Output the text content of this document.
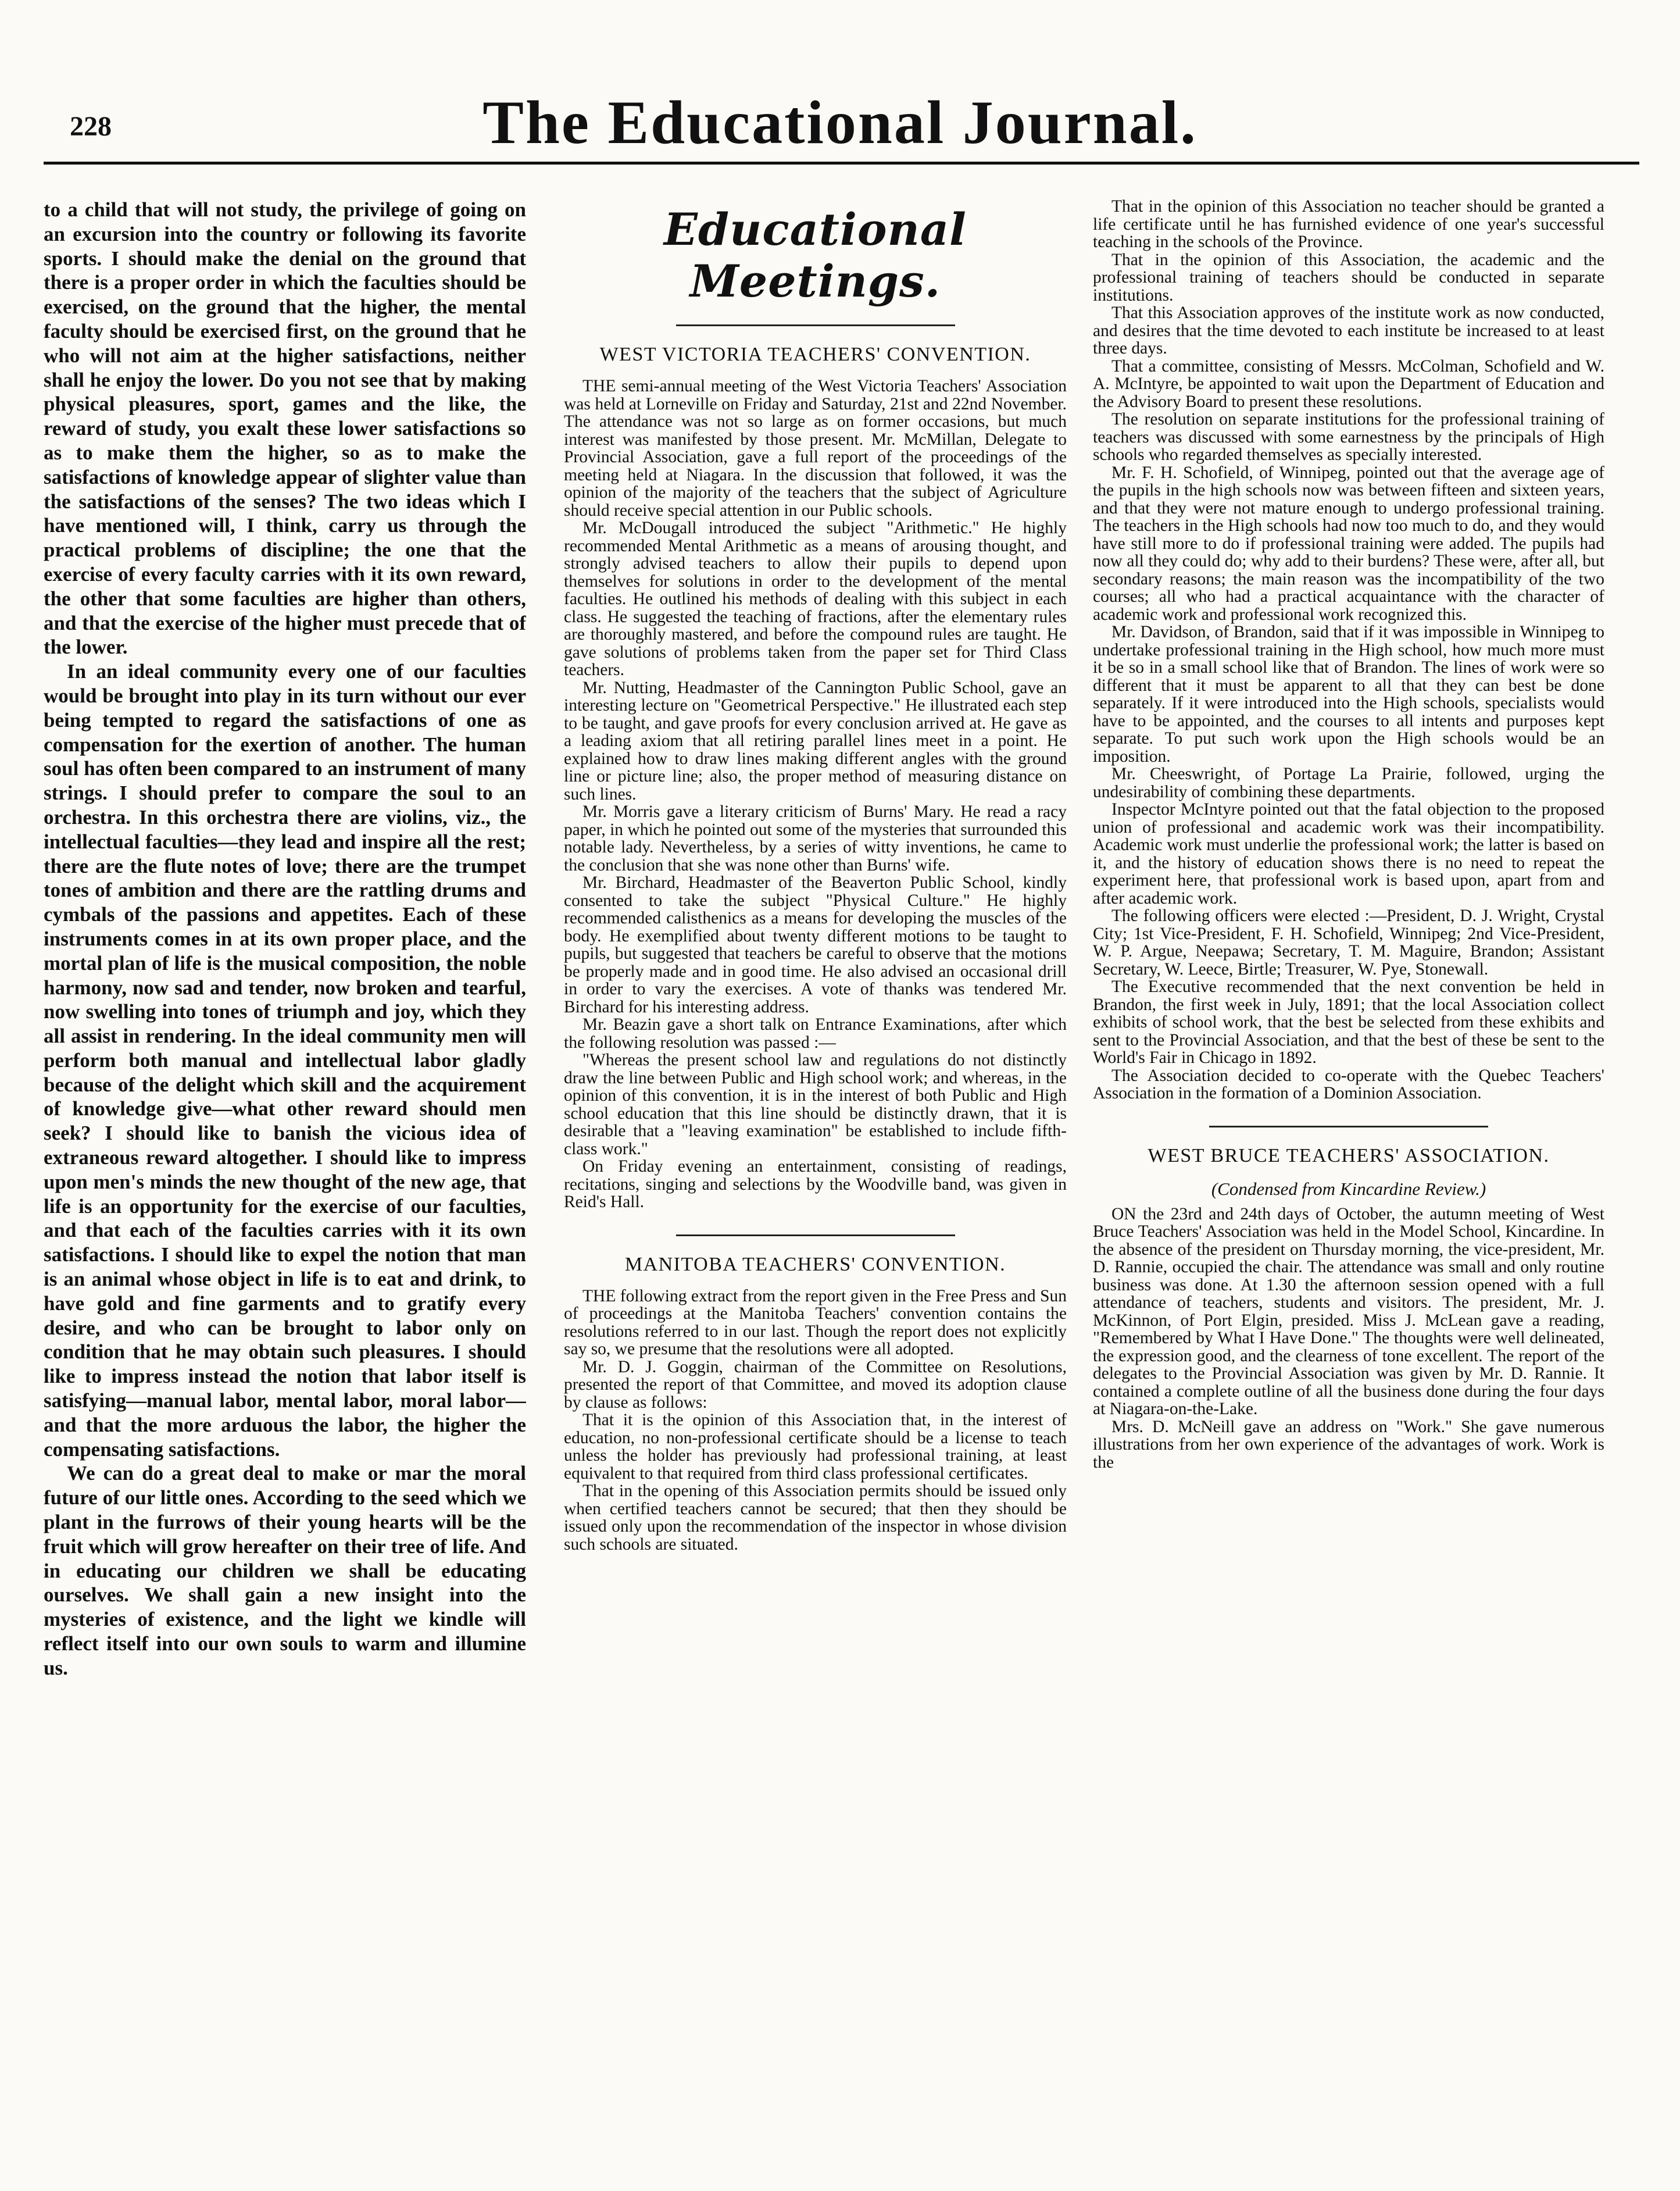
228	The Educational Journal.

to a child that will not study, the privilege of going on an excursion into the country or following its favorite sports. I should make the denial on the ground that there is a proper order in which the faculties should be exercised, on the ground that the higher, the mental faculty should be exercised first, on the ground that he who will not aim at the higher satisfactions, neither shall he enjoy the lower. Do you not see that by making physical pleasures, sport, games and the like, the reward of study, you exalt these lower satisfactions so as to make them the higher, so as to make the satisfactions of knowledge appear of slighter value than the satisfactions of the senses? The two ideas which I have mentioned will, I think, carry us through the practical problems of discipline; the one that the exercise of every faculty carries with it its own reward, the other that some faculties are higher than others, and that the exercise of the higher must precede that of the lower.

In an ideal community every one of our faculties would be brought into play in its turn without our ever being tempted to regard the satisfactions of one as compensation for the exertion of another. The human soul has often been compared to an instrument of many strings. I should prefer to compare the soul to an orchestra. In this orchestra there are violins, viz., the intellectual faculties—they lead and inspire all the rest; there are the flute notes of love; there are the trumpet tones of ambition and there are the rattling drums and cymbals of the passions and appetites. Each of these instruments comes in at its own proper place, and the mortal plan of life is the musical composition, the noble harmony, now sad and tender, now broken and tearful, now swelling into tones of triumph and joy, which they all assist in rendering. In the ideal community men will perform both manual and intellectual labor gladly because of the delight which skill and the acquirement of knowledge give—what other reward should men seek? I should like to banish the vicious idea of extraneous reward altogether. I should like to impress upon men's minds the new thought of the new age, that life is an opportunity for the exercise of our faculties, and that each of the faculties carries with it its own satisfactions. I should like to expel the notion that man is an animal whose object in life is to eat and drink, to have gold and fine garments and to gratify every desire, and who can be brought to labor only on condition that he may obtain such pleasures. I should like to impress instead the notion that labor itself is satisfying—manual labor, mental labor, moral labor—and that the more arduous the labor, the higher the compensating satisfactions.

We can do a great deal to make or mar the moral future of our little ones. According to the seed which we plant in the furrows of their young hearts will be the fruit which will grow hereafter on their tree of life. And in educating our children we shall be educating ourselves. We shall gain a new insight into the mysteries of existence, and the light we kindle will reflect itself into our own souls to warm and illumine us.

Educational Meetings.
WEST VICTORIA TEACHERS' CONVENTION.

THE semi-annual meeting of the West Victoria Teachers' Association was held at Lorneville on Friday and Saturday, 21st and 22nd November. The attendance was not so large as on former occasions, but much interest was manifested by those present. Mr. McMillan, Delegate to Provincial Association, gave a full report of the proceedings of the meeting held at Niagara. In the discussion that followed, it was the opinion of the majority of the teachers that the subject of Agriculture should receive special attention in our Public schools.

Mr. McDougall introduced the subject "Arithmetic." He highly recommended Mental Arithmetic as a means of arousing thought, and strongly advised teachers to allow their pupils to depend upon themselves for solutions in order to the development of the mental faculties. He outlined his methods of dealing with this subject in each class. He suggested the teaching of fractions, after the elementary rules are thoroughly mastered, and before the compound rules are taught. He gave solutions of problems taken from the paper set for Third Class teachers.

Mr. Nutting, Headmaster of the Cannington Public School, gave an interesting lecture on "Geometrical Perspective." He illustrated each step to be taught, and gave proofs for every conclusion arrived at. He gave as a leading axiom that all retiring parallel lines meet in a point. He explained how to draw lines making different angles with the ground line or picture line; also, the proper method of measuring distance on such lines.

Mr. Morris gave a literary criticism of Burns' Mary. He read a racy paper, in which he pointed out some of the mysteries that surrounded this notable lady. Nevertheless, by a series of witty inventions, he came to the conclusion that she was none other than Burns' wife.

Mr. Birchard, Headmaster of the Beaverton Public School, kindly consented to take the subject "Physical Culture." He highly recommended calisthenics as a means for developing the muscles of the body. He exemplified about twenty different motions to be taught to pupils, but suggested that teachers be careful to observe that the motions be properly made and in good time. He also advised an occasional drill in order to vary the exercises. A vote of thanks was tendered Mr. Birchard for his interesting address.

Mr. Beazin gave a short talk on Entrance Examinations, after which the following resolution was passed :—

"Whereas the present school law and regulations do not distinctly draw the line between Public and High school work; and whereas, in the opinion of this convention, it is in the interest of both Public and High school education that this line should be distinctly drawn, that it is desirable that a "leaving examination" be established to include fifth-class work."

On Friday evening an entertainment, consisting of readings, recitations, singing and selections by the Woodville band, was given in Reid's Hall.

MANITOBA TEACHERS' CONVENTION.

THE following extract from the report given in the Free Press and Sun of proceedings at the Manitoba Teachers' convention contains the resolutions referred to in our last. Though the report does not explicitly say so, we presume that the resolutions were all adopted.

Mr. D. J. Goggin, chairman of the Committee on Resolutions, presented the report of that Committee, and moved its adoption clause by clause as follows:

That it is the opinion of this Association that, in the interest of education, no non-professional certificate should be a license to teach unless the holder has previously had professional training, at least equivalent to that required from third class professional certificates.

That in the opening of this Association permits should be issued only when certified teachers cannot be secured; that then they should be issued only upon the recommendation of the inspector in whose division such schools are situated.

That in the opinion of this Association no teacher should be granted a life certificate until he has furnished evidence of one year's successful teaching in the schools of the Province.

That in the opinion of this Association, the academic and the professional training of teachers should be conducted in separate institutions.

That this Association approves of the institute work as now conducted, and desires that the time devoted to each institute be increased to at least three days.

That a committee, consisting of Messrs. McColman, Schofield and W. A. McIntyre, be appointed to wait upon the Department of Education and the Advisory Board to present these resolutions.

The resolution on separate institutions for the professional training of teachers was discussed with some earnestness by the principals of High schools who regarded themselves as specially interested.

Mr. F. H. Schofield, of Winnipeg, pointed out that the average age of the pupils in the high schools now was between fifteen and sixteen years, and that they were not mature enough to undergo professional training. The teachers in the High schools had now too much to do, and they would have still more to do if professional training were added. The pupils had now all they could do; why add to their burdens? These were, after all, but secondary reasons; the main reason was the incompatibility of the two courses; all who had a practical acquaintance with the character of academic work and professional work recognized this.

Mr. Davidson, of Brandon, said that if it was impossible in Winnipeg to undertake professional training in the High school, how much more must it be so in a small school like that of Brandon. The lines of work were so different that it must be apparent to all that they can best be done separately. If it were introduced into the High schools, specialists would have to be appointed, and the courses to all intents and purposes kept separate. To put such work upon the High schools would be an imposition.

Mr. Cheeswright, of Portage La Prairie, followed, urging the undesirability of combining these departments.

Inspector McIntyre pointed out that the fatal objection to the proposed union of professional and academic work was their incompatibility. Academic work must underlie the professional work; the latter is based on it, and the history of education shows there is no need to repeat the experiment here, that professional work is based upon, apart from and after academic work.

The following officers were elected :—President, D. J. Wright, Crystal City; 1st Vice-President, F. H. Schofield, Winnipeg; 2nd Vice-President, W. P. Argue, Neepawa; Secretary, T. M. Maguire, Brandon; Assistant Secretary, W. Leece, Birtle; Treasurer, W. Pye, Stonewall.

The Executive recommended that the next convention be held in Brandon, the first week in July, 1891; that the local Association collect exhibits of school work, that the best be selected from these exhibits and sent to the Provincial Association, and that the best of these be sent to the World's Fair in Chicago in 1892.

The Association decided to co-operate with the Quebec Teachers' Association in the formation of a Dominion Association.

WEST BRUCE TEACHERS' ASSOCIATION.
(Condensed from Kincardine Review.)

ON the 23rd and 24th days of October, the autumn meeting of West Bruce Teachers' Association was held in the Model School, Kincardine. In the absence of the president on Thursday morning, the vice-president, Mr. D. Rannie, occupied the chair. The attendance was small and only routine business was done. At 1.30 the afternoon session opened with a full attendance of teachers, students and visitors. The president, Mr. J. McKinnon, of Port Elgin, presided. Miss J. McLean gave a reading, "Remembered by What I Have Done." The thoughts were well delineated, the expression good, and the clearness of tone excellent. The report of the delegates to the Provincial Association was given by Mr. D. Rannie. It contained a complete outline of all the business done during the four days at Niagara-on-the-Lake.

Mrs. D. McNeill gave an address on "Work." She gave numerous illustrations from her own experience of the advantages of work. Work is the
